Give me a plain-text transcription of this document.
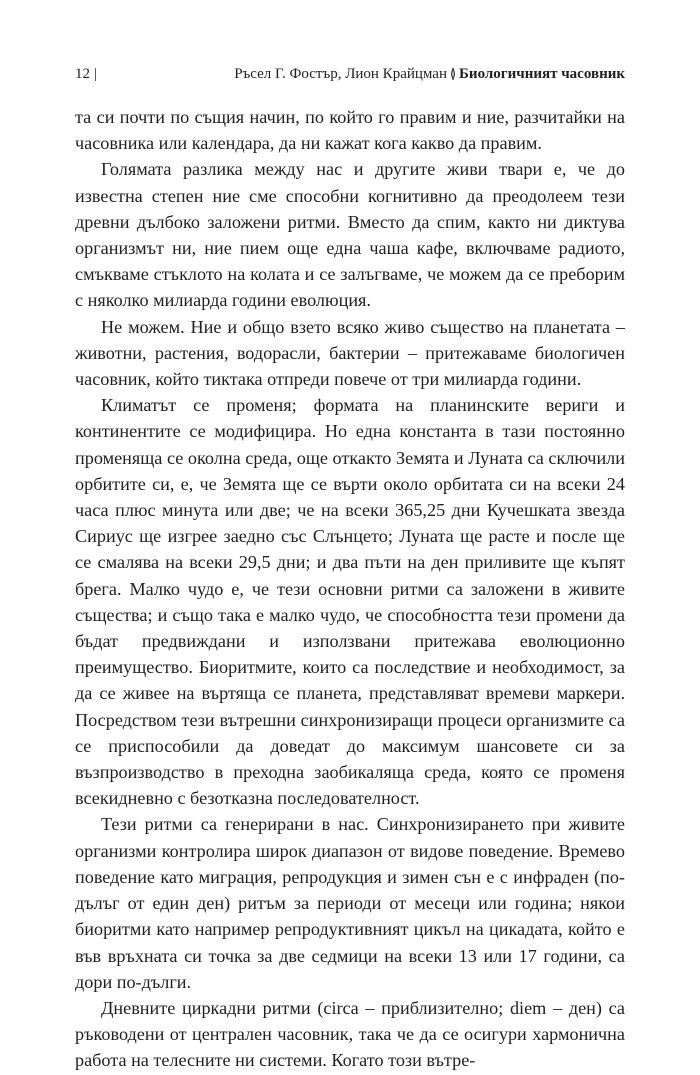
12 |	Ръсел Г. Фостър, Лион Крайцман ≬ Биологичният часовник

та си почти по същия начин, по който го правим и ние, разчитайки на часовника или календара, да ни кажат кога какво да правим.

Голямата разлика между нас и другите живи твари е, че до известна степен ние сме способни когнитивно да преодолеем тези древни дълбоко заложени ритми. Вместо да спим, както ни диктува организмът ни, ние пием още една чаша кафе, включваме радиото, смъкваме стъклото на колата и се залъгваме, че можем да се преборим с няколко милиарда години еволюция.

Не можем. Ние и общо взето всяко живо същество на планетата – животни, растения, водорасли, бактерии – притежаваме биологичен часовник, който тиктака отпреди повече от три милиарда години.

Климатът се променя; формата на планинските вериги и континентите се модифицира. Но една константа в тази постоянно променяща се околна среда, още откакто Земята и Луната са сключили орбитите си, е, че Земята ще се върти около орбитата си на всеки 24 часа плюс минута или две; че на всеки 365,25 дни Кучешката звезда Сириус ще изгрее заедно със Слънцето; Луната ще расте и после ще се смалява на всеки 29,5 дни; и два пъти на ден приливите ще къпят брега. Малко чудо е, че тези основни ритми са заложени в живите същества; и също така е малко чудо, че способността тези промени да бъдат предвиждани и използвани притежава еволюционно преимущество. Биоритмите, които са последствие и необходимост, за да се живее на въртяща се планета, представляват времеви маркери. Посредством тези вътрешни синхронизиращи процеси организмите са се приспособили да доведат до максимум шансовете си за възпроизводство в преходна заобикаляща среда, която се променя всекидневно с безотказна последователност.

Тези ритми са генерирани в нас. Синхронизирането при живите организми контролира широк диапазон от видове поведение. Времево поведение като миграция, репродукция и зимен сън е с инфраден (по-дълъг от един ден) ритъм за периоди от месеци или година; някои биоритми като например репродуктивният цикъл на цикадата, който е във връхната си точка за две седмици на всеки 13 или 17 години, са дори по-дълги.

Дневните циркадни ритми (circa – приблизително; diem – ден) са ръководени от централен часовник, така че да се осигури хармонична работа на телесните ни системи. Когато този вътре-
